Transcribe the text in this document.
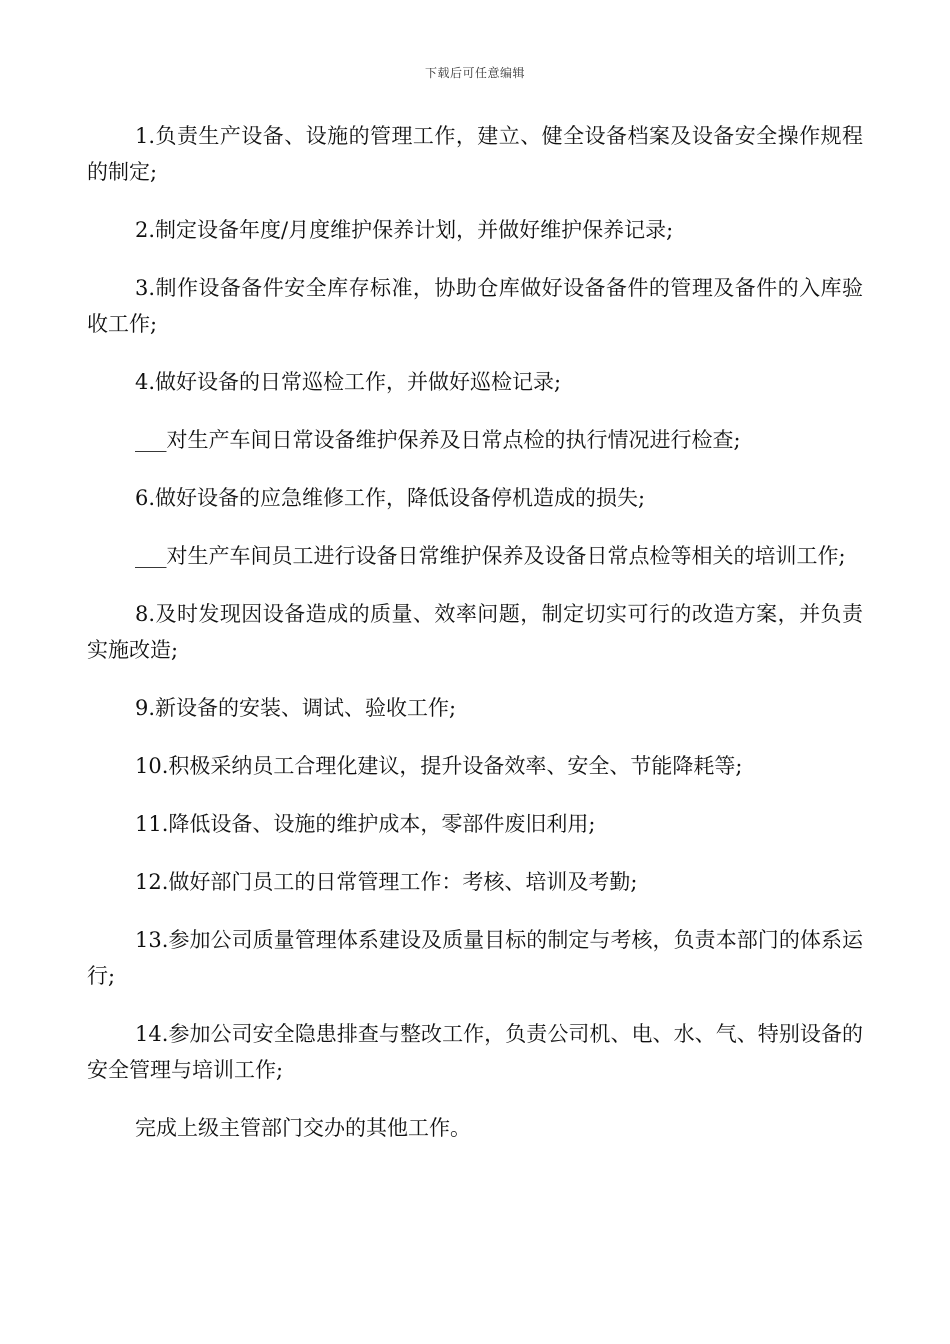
下载后可任意编辑

1.负责生产设备、设施的管理工作，建立、健全设备档案及设备安全操作规程的制定;

2.制定设备年度/月度维护保养计划，并做好维护保养记录;

3.制作设备备件安全库存标准，协助仓库做好设备备件的管理及备件的入库验收工作;

4.做好设备的日常巡检工作，并做好巡检记录;

___对生产车间日常设备维护保养及日常点检的执行情况进行检查;

6.做好设备的应急维修工作，降低设备停机造成的损失;

___对生产车间员工进行设备日常维护保养及设备日常点检等相关的培训工作;

8.及时发现因设备造成的质量、效率问题，制定切实可行的改造方案，并负责实施改造;

9.新设备的安装、调试、验收工作;

10.积极采纳员工合理化建议，提升设备效率、安全、节能降耗等;

11.降低设备、设施的维护成本，零部件废旧利用;

12.做好部门员工的日常管理工作：考核、培训及考勤;

13.参加公司质量管理体系建设及质量目标的制定与考核，负责本部门的体系运行;

14.参加公司安全隐患排查与整改工作，负责公司机、电、水、气、特别设备的安全管理与培训工作;

完成上级主管部门交办的其他工作。
